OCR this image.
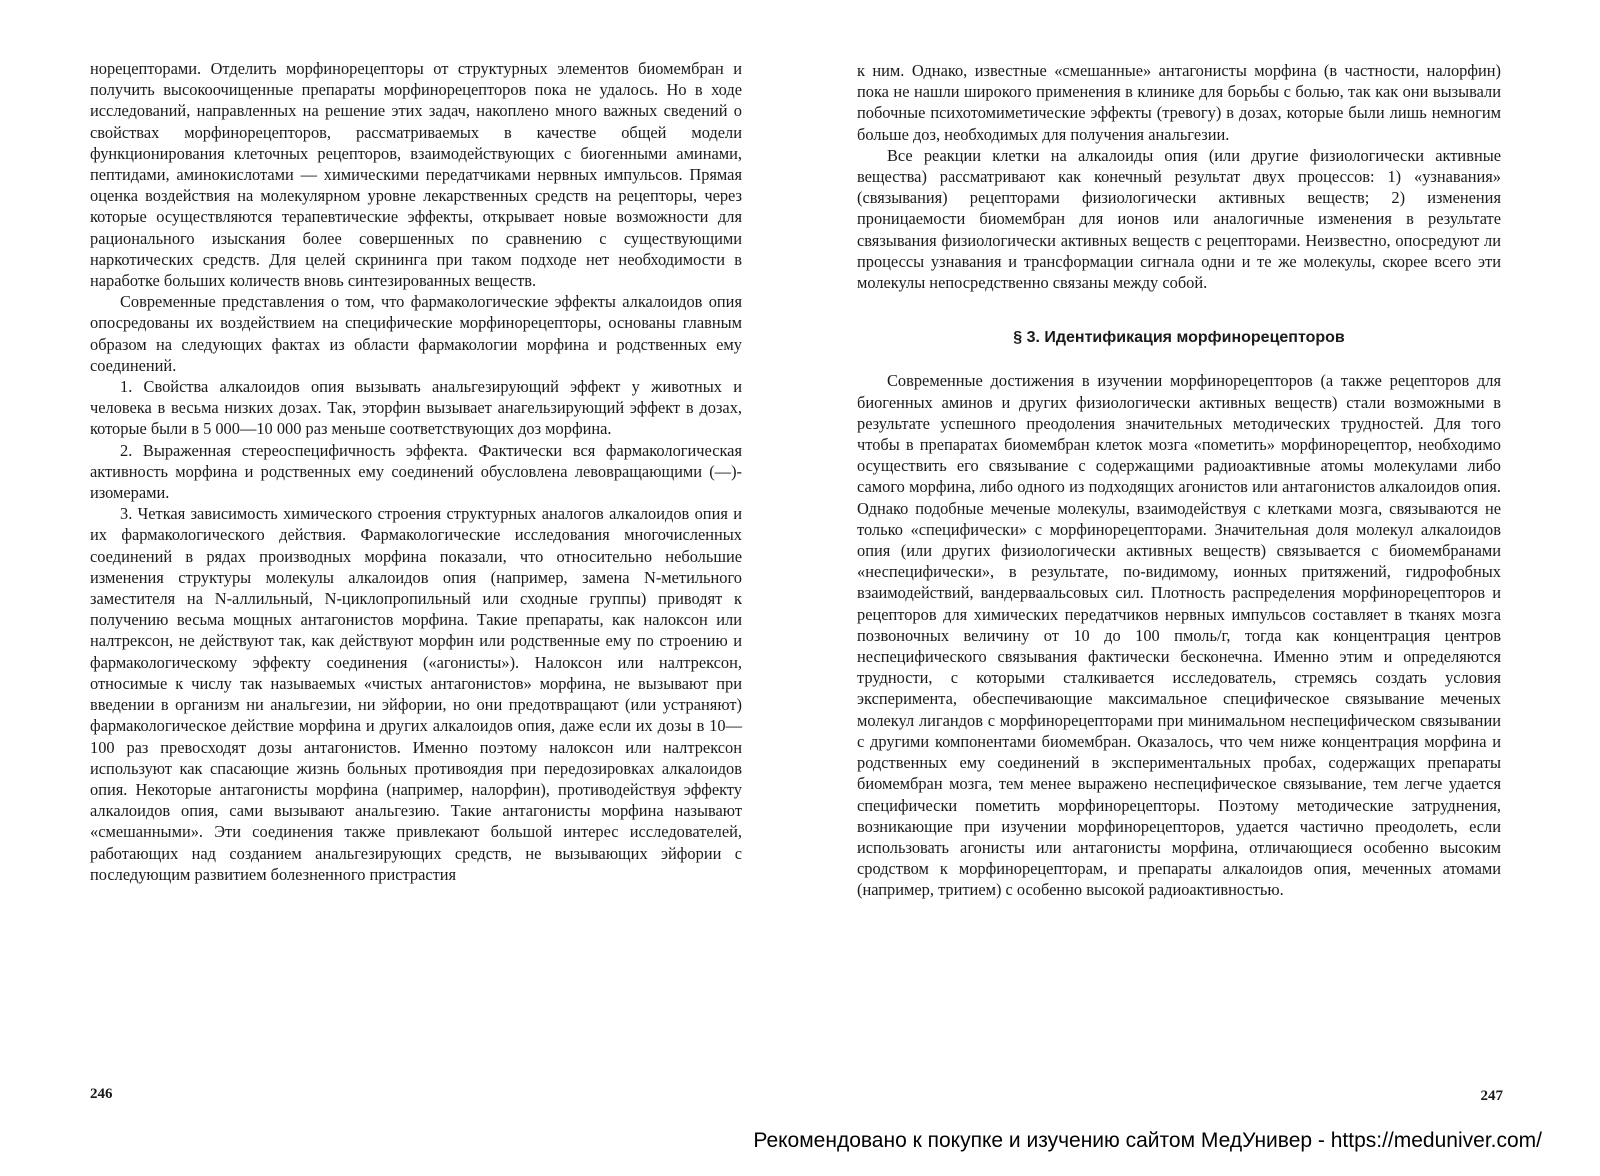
норецепторами. Отделить морфинорецепторы от структурных элементов биомембран и получить высокоочищенные препараты морфинорецепторов пока не удалось. Но в ходе исследований, направленных на решение этих задач, накоплено много важных сведений о свойствах морфинорецепторов, рассматриваемых в качестве общей модели функционирования клеточных рецепторов, взаимодействующих с биогенными аминами, пептидами, аминокислотами — химическими передатчиками нервных импульсов. Прямая оценка воздействия на молекулярном уровне лекарственных средств на рецепторы, через которые осуществляются терапевтические эффекты, открывает новые возможности для рационального изыскания более совершенных по сравнению с существующими наркотических средств. Для целей скрининга при таком подходе нет необходимости в наработке больших количеств вновь синтезированных веществ.

Современные представления о том, что фармакологические эффекты алкалоидов опия опосредованы их воздействием на специфические морфинорецепторы, основаны главным образом на следующих фактах из области фармакологии морфина и родственных ему соединений.

1. Свойства алкалоидов опия вызывать анальгезирующий эффект у животных и человека в весьма низких дозах. Так, эторфин вызывает анагельзирующий эффект в дозах, которые были в 5 000—10 000 раз меньше соответствующих доз морфина.

2. Выраженная стереоспецифичность эффекта. Фактически вся фармакологическая активность морфина и родственных ему соединений обусловлена левовращающими (—)-изомерами.

3. Четкая зависимость химического строения структурных аналогов алкалоидов опия и их фармакологического действия. Фармакологические исследования многочисленных соединений в рядах производных морфина показали, что относительно небольшие изменения структуры молекулы алкалоидов опия (например, замена N-метильного заместителя на N-аллильный, N-циклопропильный или сходные группы) приводят к получению весьма мощных антагонистов морфина. Такие препараты, как налоксон или налтрексон, не действуют так, как действуют морфин или родственные ему по строению и фармакологическому эффекту соединения («агонисты»). Налоксон или налтрексон, относимые к числу так называемых «чистых антагонистов» морфина, не вызывают при введении в организм ни анальгезии, ни эйфории, но они предотвращают (или устраняют) фармакологическое действие морфина и других алкалоидов опия, даже если их дозы в 10—100 раз превосходят дозы антагонистов. Именно поэтому налоксон или налтрексон используют как спасающие жизнь больных противоядия при передозировках алкалоидов опия. Некоторые антагонисты морфина (например, налорфин), противодействуя эффекту алкалоидов опия, сами вызывают анальгезию. Такие антагонисты морфина называют «смешанными». Эти соединения также привлекают большой интерес исследователей, работающих над созданием анальгезирующих средств, не вызывающих эйфории с последующим развитием болезненного пристрастия

246

к ним. Однако, известные «смешанные» антагонисты морфина (в частности, налорфин) пока не нашли широкого применения в клинике для борьбы с болью, так как они вызывали побочные психотомиметические эффекты (тревогу) в дозах, которые были лишь немногим больше доз, необходимых для получения анальгезии.

Все реакции клетки на алкалоиды опия (или другие физиологически активные вещества) рассматривают как конечный результат двух процессов: 1) «узнавания» (связывания) рецепторами физиологически активных веществ; 2) изменения проницаемости биомембран для ионов или аналогичные изменения в результате связывания физиологически активных веществ с рецепторами. Неизвестно, опосредуют ли процессы узнавания и трансформации сигнала одни и те же молекулы, скорее всего эти молекулы непосредственно связаны между собой.

§ 3. Идентификация морфинорецепторов

Современные достижения в изучении морфинорецепторов (а также рецепторов для биогенных аминов и других физиологически активных веществ) стали возможными в результате успешного преодоления значительных методических трудностей. Для того чтобы в препаратах биомембран клеток мозга «пометить» морфинорецептор, необходимо осуществить его связывание с содержащими радиоактивные атомы молекулами либо самого морфина, либо одного из подходящих агонистов или антагонистов алкалоидов опия. Однако подобные меченые молекулы, взаимодействуя с клетками мозга, связываются не только «специфически» с морфинорецепторами. Значительная доля молекул алкалоидов опия (или других физиологически активных веществ) связывается с биомембранами «неспецифически», в результате, по-видимому, ионных притяжений, гидрофобных взаимодействий, вандерваальсовых сил. Плотность распределения морфинорецепторов и рецепторов для химических передатчиков нервных импульсов составляет в тканях мозга позвоночных величину от 10 до 100 пмоль/г, тогда как концентрация центров неспецифического связывания фактически бесконечна. Именно этим и определяются трудности, с которыми сталкивается исследователь, стремясь создать условия эксперимента, обеспечивающие максимальное специфическое связывание меченых молекул лигандов с морфинорецепторами при минимальном неспецифическом связывании с другими компонентами биомембран. Оказалось, что чем ниже концентрация морфина и родственных ему соединений в экспериментальных пробах, содержащих препараты биомембран мозга, тем менее выражено неспецифическое связывание, тем легче удается специфически пометить морфинорецепторы. Поэтому методические затруднения, возникающие при изучении морфинорецепторов, удается частично преодолеть, если использовать агонисты или антагонисты морфина, отличающиеся особенно высоким сродством к морфинорецепторам, и препараты алкалоидов опия, меченных атомами (например, тритием) с особенно высокой радиоактивностью.

247
Рекомендовано к покупке и изучению сайтом МедУнивер - https://meduniver.com/
